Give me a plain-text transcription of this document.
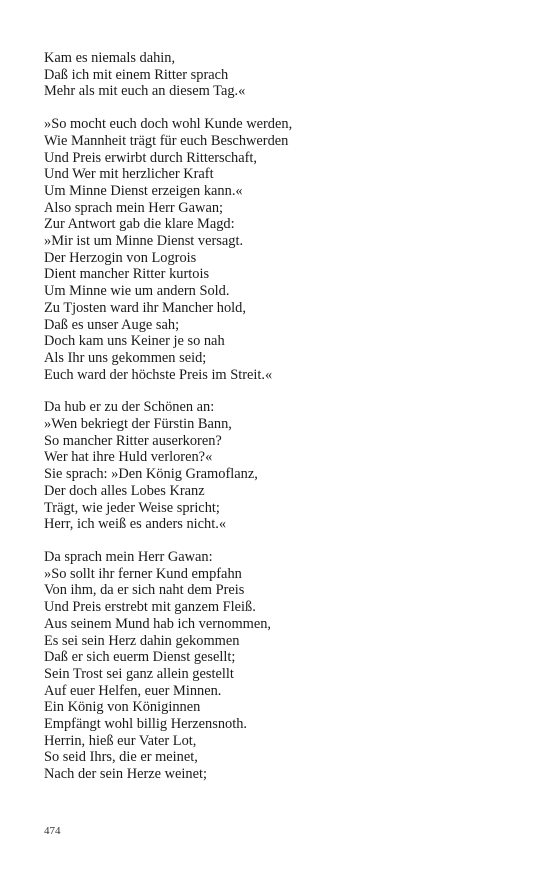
Kam es niemals dahin,
Daß ich mit einem Ritter sprach
Mehr als mit euch an diesem Tag.«
»So mocht euch doch wohl Kunde werden,
Wie Mannheit trägt für euch Beschwerden
Und Preis erwirbt durch Ritterschaft,
Und Wer mit herzlicher Kraft
Um Minne Dienst erzeigen kann.«
Also sprach mein Herr Gawan;
Zur Antwort gab die klare Magd:
»Mir ist um Minne Dienst versagt.
Der Herzogin von Logrois
Dient mancher Ritter kurtois
Um Minne wie um andern Sold.
Zu Tjosten ward ihr Mancher hold,
Daß es unser Auge sah;
Doch kam uns Keiner je so nah
Als Ihr uns gekommen seid;
Euch ward der höchste Preis im Streit.«
Da hub er zu der Schönen an:
»Wen bekriegt der Fürstin Bann,
So mancher Ritter auserkoren?
Wer hat ihre Huld verloren?«
Sie sprach: »Den König Gramoflanz,
Der doch alles Lobes Kranz
Trägt, wie jeder Weise spricht;
Herr, ich weiß es anders nicht.«
Da sprach mein Herr Gawan:
»So sollt ihr ferner Kund empfahn
Von ihm, da er sich naht dem Preis
Und Preis erstrebt mit ganzem Fleiß.
Aus seinem Mund hab ich vernommen,
Es sei sein Herz dahin gekommen
Daß er sich euerm Dienst gesellt;
Sein Trost sei ganz allein gestellt
Auf euer Helfen, euer Minnen.
Ein König von Königinnen
Empfängt wohl billig Herzensnoth.
Herrin, hieß eur Vater Lot,
So seid Ihrs, die er meinet,
Nach der sein Herze weinet;
474
